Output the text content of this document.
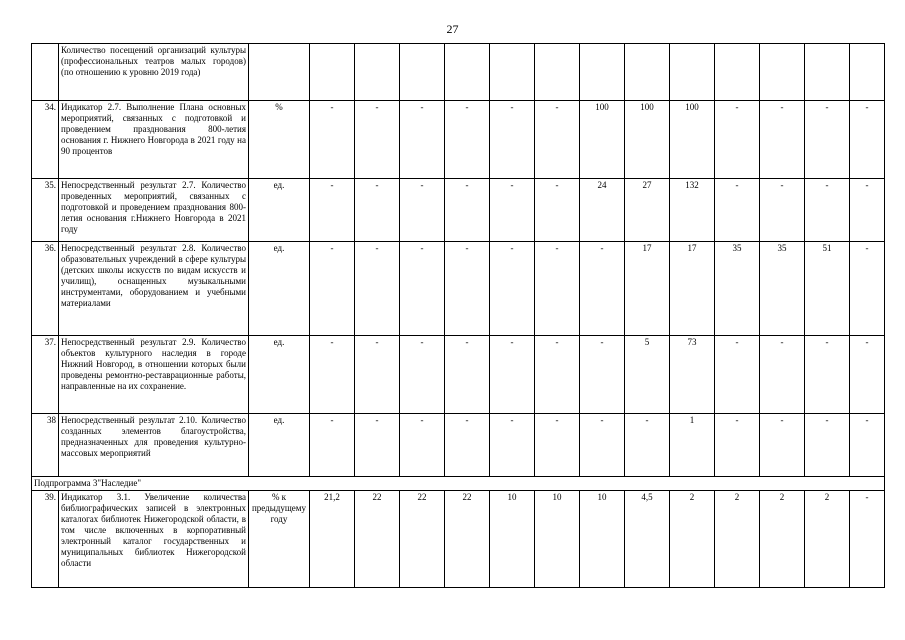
27
	Количество посещений организаций культуры (профессиональных театров малых городов) (по отношению к уровню 2019 года)														
34.	Индикатор 2.7. Выполнение Плана основных мероприятий, связанных с подготовкой и проведением празднования 800-летия основания г. Нижнего Новгорода в 2021 году на 90 процентов	%	-	-	-	-	-	-	100	100	100	-	-	-	-
35.	Непосредственный результат 2.7. Количество проведенных мероприятий, связанных с подготовкой и проведением празднования 800-летия основания г.Нижнего Новгорода в 2021 году	ед.	-	-	-	-	-	-	24	27	132	-	-	-	-
36.	Непосредственный результат 2.8. Количество образовательных учреждений в сфере культуры (детских школы искусств по видам искусств и училищ), оснащенных музыкальными инструментами, оборудованием и учебными материалами	ед.	-	-	-	-	-	-	-	17	17	35	35	51	-
37.	Непосредственный результат 2.9. Количество объектов культурного наследия в городе Нижний Новгород, в отношении которых были проведены ремонтно-реставрационные работы, направленные на их сохранение.	ед.	-	-	-	-	-	-	-	5	73	-	-	-	-
38	Непосредственный результат 2.10. Количество созданных элементов благоустройства, предназначенных для проведения культурно-массовых мероприятий	ед.	-	-	-	-	-	-	-	-	1	-	-	-	-
Подпрограмма 3"Наследие"															
39.	Индикатор 3.1. Увеличение количества библиографических записей в электронных каталогах библиотек Нижегородской области, в том числе включенных в корпоративный электронный каталог государственных и муниципальных библиотек Нижегородской области	% к предыдущему году	21,2	22	22	22	10	10	10	4,5	2	2	2	2	-
